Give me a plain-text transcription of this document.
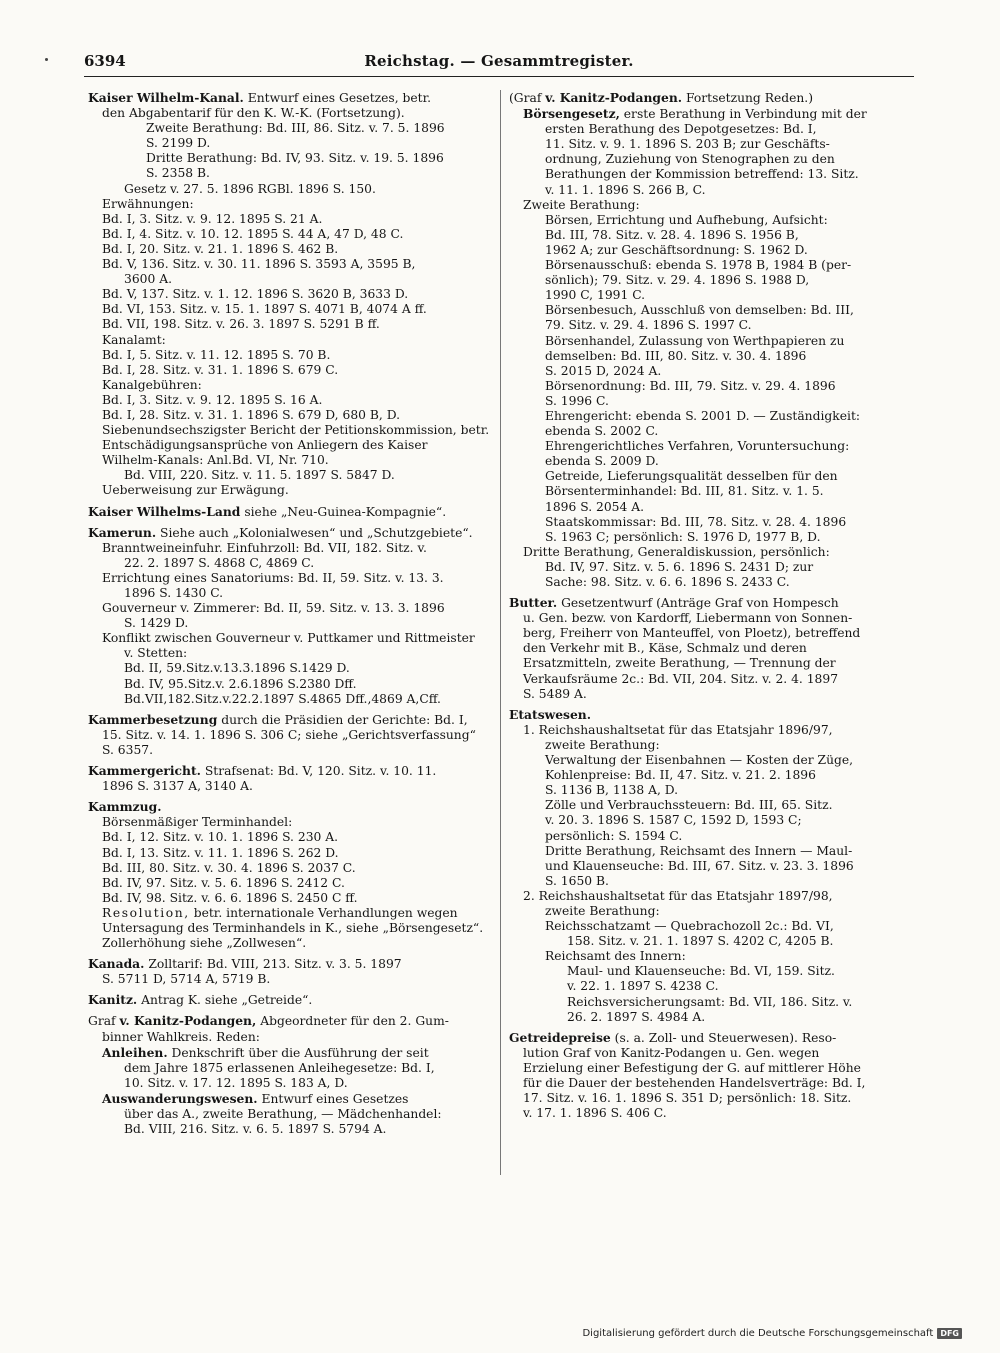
6394	Reichstag. — Gesammtregister.
Kaiser Wilhelm-Kanal. Entwurf eines Gesetzes, betr.
den Abgabentarif für den K. W.-K. (Fortsetzung).
Zweite Berathung: Bd. III, 86. Sitz. v. 7. 5. 1896
S. 2199 D.
Dritte Berathung: Bd. IV, 93. Sitz. v. 19. 5. 1896
S. 2358 B.
Gesetz v. 27. 5. 1896 RGBl. 1896 S. 150.
Erwähnungen:
Bd. I, 3. Sitz. v. 9. 12. 1895 S. 21 A.
Bd. I, 4. Sitz. v. 10. 12. 1895 S. 44 A, 47 D, 48 C.
Bd. I, 20. Sitz. v. 21. 1. 1896 S. 462 B.
Bd. V, 136. Sitz. v. 30. 11. 1896 S. 3593 A, 3595 B,
3600 A.
Bd. V, 137. Sitz. v. 1. 12. 1896 S. 3620 B, 3633 D.
Bd. VI, 153. Sitz. v. 15. 1. 1897 S. 4071 B, 4074 A ff.
Bd. VII, 198. Sitz. v. 26. 3. 1897 S. 5291 B ff.
Kanalamt:
Bd. I, 5. Sitz. v. 11. 12. 1895 S. 70 B.
Bd. I, 28. Sitz. v. 31. 1. 1896 S. 679 C.
Kanalgebühren:
Bd. I, 3. Sitz. v. 9. 12. 1895 S. 16 A.
Bd. I, 28. Sitz. v. 31. 1. 1896 S. 679 D, 680 B, D.
Siebenundsechszigster Bericht der Petitionskommission, betr.
Entschädigungsansprüche von Anliegern des Kaiser
Wilhelm-Kanals: Anl.Bd. VI, Nr. 710.
Bd. VIII, 220. Sitz. v. 11. 5. 1897 S. 5847 D.
Ueberweisung zur Erwägung.
Kaiser Wilhelms-Land siehe „Neu-Guinea-Kompagnie“.
Kamerun. Siehe auch „Kolonialwesen“ und „Schutzgebiete“.
Branntweineinfuhr. Einfuhrzoll: Bd. VII, 182. Sitz. v.
22. 2. 1897 S. 4868 C, 4869 C.
Errichtung eines Sanatoriums: Bd. II, 59. Sitz. v. 13. 3.
1896 S. 1430 C.
Gouverneur v. Zimmerer: Bd. II, 59. Sitz. v. 13. 3. 1896
S. 1429 D.
Konflikt zwischen Gouverneur v. Puttkamer und Rittmeister
v. Stetten:
Bd. II, 59.Sitz.v.13.3.1896 S.1429 D.
Bd. IV, 95.Sitz.v. 2.6.1896 S.2380 Dff.
Bd.VII,182.Sitz.v.22.2.1897 S.4865 Dff.,4869 A,Cff.
Kammerbesetzung durch die Präsidien der Gerichte: Bd. I,
15. Sitz. v. 14. 1. 1896 S. 306 C; siehe „Gerichtsverfassung“
S. 6357.
Kammergericht. Strafsenat: Bd. V, 120. Sitz. v. 10. 11.
1896 S. 3137 A, 3140 A.
Kammzug.
Börsenmäßiger Terminhandel:
Bd. I, 12. Sitz. v. 10. 1. 1896 S. 230 A.
Bd. I, 13. Sitz. v. 11. 1. 1896 S. 262 D.
Bd. III, 80. Sitz. v. 30. 4. 1896 S. 2037 C.
Bd. IV, 97. Sitz. v. 5. 6. 1896 S. 2412 C.
Bd. IV, 98. Sitz. v. 6. 6. 1896 S. 2450 C ff.
Resolution, betr. internationale Verhandlungen wegen
Untersagung des Terminhandels in K., siehe „Börsengesetz“.
Zollerhöhung siehe „Zollwesen“.
Kanada. Zolltarif: Bd. VIII, 213. Sitz. v. 3. 5. 1897
S. 5711 D, 5714 A, 5719 B.
Kanitz. Antrag K. siehe „Getreide“.
Graf v. Kanitz-Podangen, Abgeordneter für den 2. Gum-
binner Wahlkreis. Reden:
Anleihen. Denkschrift über die Ausführung der seit
dem Jahre 1875 erlassenen Anleihegesetze: Bd. I,
10. Sitz. v. 17. 12. 1895 S. 183 A, D.
Auswanderungswesen. Entwurf eines Gesetzes
über das A., zweite Berathung, — Mädchenhandel:
Bd. VIII, 216. Sitz. v. 6. 5. 1897 S. 5794 A.
(Graf v. Kanitz-Podangen. Fortsetzung Reden.)
Börsengesetz, erste Berathung in Verbindung mit der
ersten Berathung des Depotgesetzes: Bd. I,
11. Sitz. v. 9. 1. 1896 S. 203 B; zur Geschäfts-
ordnung, Zuziehung von Stenographen zu den
Berathungen der Kommission betreffend: 13. Sitz.
v. 11. 1. 1896 S. 266 B, C.
Zweite Berathung:
Börsen, Errichtung und Aufhebung, Aufsicht:
Bd. III, 78. Sitz. v. 28. 4. 1896 S. 1956 B,
1962 A; zur Geschäftsordnung: S. 1962 D.
Börsenausschuß: ebenda S. 1978 B, 1984 B (per-
sönlich); 79. Sitz. v. 29. 4. 1896 S. 1988 D,
1990 C, 1991 C.
Börsenbesuch, Ausschluß von demselben: Bd. III,
79. Sitz. v. 29. 4. 1896 S. 1997 C.
Börsenhandel, Zulassung von Werthpapieren zu
demselben: Bd. III, 80. Sitz. v. 30. 4. 1896
S. 2015 D, 2024 A.
Börsenordnung: Bd. III, 79. Sitz. v. 29. 4. 1896
S. 1996 C.
Ehrengericht: ebenda S. 2001 D. — Zuständigkeit:
ebenda S. 2002 C.
Ehrengerichtliches Verfahren, Voruntersuchung:
ebenda S. 2009 D.
Getreide, Lieferungsqualität desselben für den
Börsenterminhandel: Bd. III, 81. Sitz. v. 1. 5.
1896 S. 2054 A.
Staatskommissar: Bd. III, 78. Sitz. v. 28. 4. 1896
S. 1963 C; persönlich: S. 1976 D, 1977 B, D.
Dritte Berathung, Generaldiskussion, persönlich:
Bd. IV, 97. Sitz. v. 5. 6. 1896 S. 2431 D; zur
Sache: 98. Sitz. v. 6. 6. 1896 S. 2433 C.
Butter. Gesetzentwurf (Anträge Graf von Hompesch
u. Gen. bezw. von Kardorff, Liebermann von Sonnen-
berg, Freiherr von Manteuffel, von Ploetz), betreffend
den Verkehr mit B., Käse, Schmalz und deren
Ersatzmitteln, zweite Berathung, — Trennung der
Verkaufsräume 2c.: Bd. VII, 204. Sitz. v. 2. 4. 1897
S. 5489 A.
Etatswesen.
1. Reichshaushaltsetat für das Etatsjahr 1896/97,
zweite Berathung:
Verwaltung der Eisenbahnen — Kosten der Züge,
Kohlenpreise: Bd. II, 47. Sitz. v. 21. 2. 1896
S. 1136 B, 1138 A, D.
Zölle und Verbrauchssteuern: Bd. III, 65. Sitz.
v. 20. 3. 1896 S. 1587 C, 1592 D, 1593 C;
persönlich: S. 1594 C.
Dritte Berathung, Reichsamt des Innern — Maul-
und Klauenseuche: Bd. III, 67. Sitz. v. 23. 3. 1896
S. 1650 B.
2. Reichshaushaltsetat für das Etatsjahr 1897/98,
zweite Berathung:
Reichsschatzamt — Quebrachozoll 2c.: Bd. VI,
158. Sitz. v. 21. 1. 1897 S. 4202 C, 4205 B.
Reichsamt des Innern:
Maul- und Klauenseuche: Bd. VI, 159. Sitz.
v. 22. 1. 1897 S. 4238 C.
Reichsversicherungsamt: Bd. VII, 186. Sitz. v.
26. 2. 1897 S. 4984 A.
Getreidepreise (s. a. Zoll- und Steuerwesen). Reso-
lution Graf von Kanitz-Podangen u. Gen. wegen
Erzielung einer Befestigung der G. auf mittlerer Höhe
für die Dauer der bestehenden Handelsverträge: Bd. I,
17. Sitz. v. 16. 1. 1896 S. 351 D; persönlich: 18. Sitz.
v. 17. 1. 1896 S. 406 C.
Digitalisierung gefördert durch die Deutsche Forschungsgemeinschaft DFG
